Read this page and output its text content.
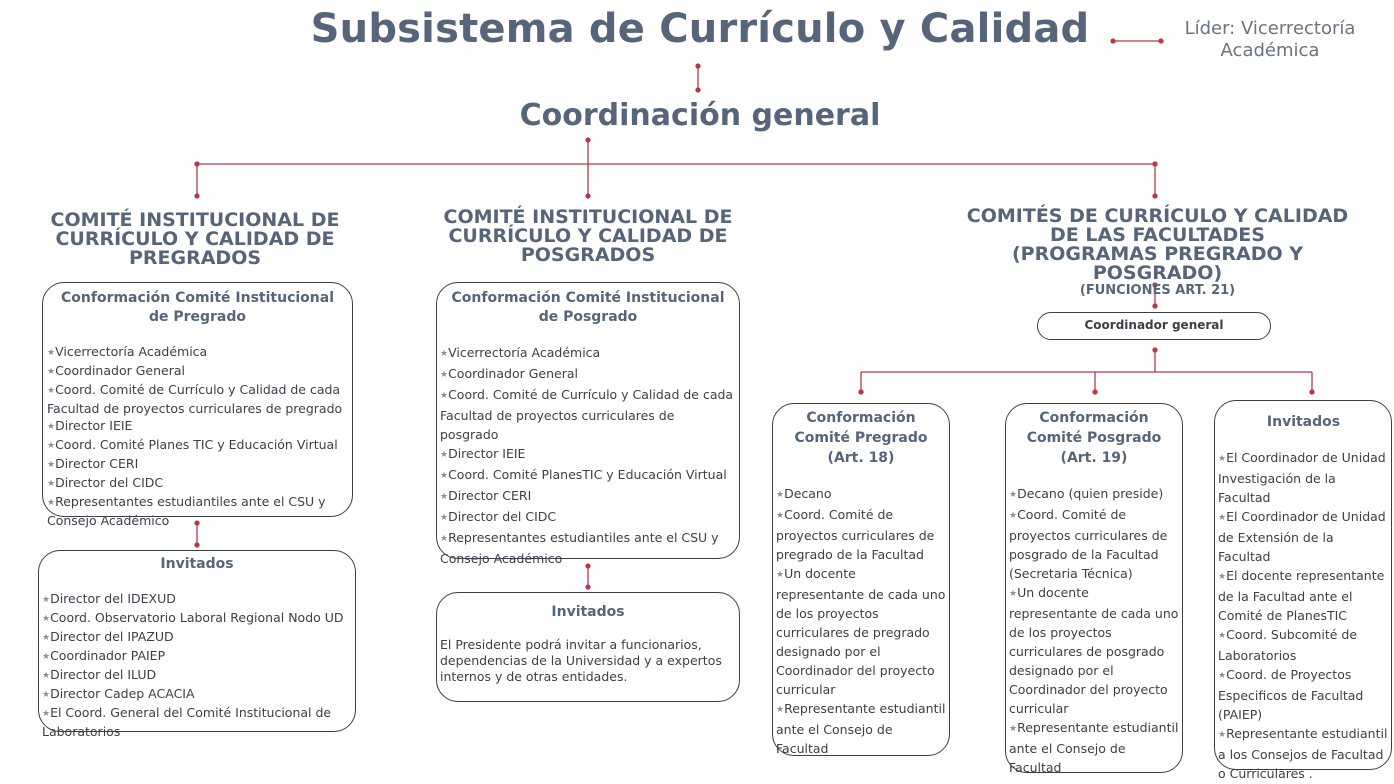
Subsistema de Currículo y Calidad	Líder: Vicerrectoría Académica
Coordinación general
COMITÉ INSTITUCIONAL DE CURRÍCULO Y CALIDAD DE PREGRADOS
COMITÉ INSTITUCIONAL DE CURRÍCULO Y CALIDAD DE POSGRADOS
COMITÉS DE CURRÍCULO Y CALIDAD DE LAS FACULTADES
(PROGRAMAS PREGRADO Y POSGRADO)
(FUNCIONES ART. 21)
Conformación Comité Institucional de Pregrado
★ Vicerrectoría Académica
★ Coordinador General
★ Coord. Comité de Currículo y Calidad de cada Facultad de proyectos curriculares de pregrado
★ Director IEIE
★ Coord. Comité Planes TIC y Educación Virtual
★ Director CERI
★ Director del CIDC
★ Representantes estudiantiles ante el CSU y Consejo Académico
Invitados
★ Director del IDEXUD
★ Coord. Observatorio Laboral Regional Nodo UD
★ Director del IPAZUD
★ Coordinador PAIEP
★ Director del ILUD
★ Director Cadep ACACIA
★ El Coord. General del Comité Institucional de Laboratorios
Conformación Comité Institucional de Posgrado
★ Vicerrectoría Académica
★ Coordinador General
★ Coord. Comité de Currículo y Calidad de cada Facultad de proyectos curriculares de posgrado
★ Director IEIE
★ Coord. Comité PlanesTIC y Educación Virtual
★ Director CERI
★ Director del CIDC
★ Representantes estudiantiles ante el CSU y Consejo Académico
Invitados
El Presidente podrá invitar a funcionarios, dependencias de la Universidad y a expertos internos y de otras entidades.
Coordinador general
Conformación Comité Pregrado (Art. 18)
★ Decano
★ Coord. Comité de proyectos curriculares de pregrado de la Facultad
★ Un docente representante de cada uno de los proyectos curriculares de pregrado designado por el Coordinador del proyecto curricular
★ Representante estudiantil ante el Consejo de Facultad
Conformación Comité Posgrado (Art. 19)
★ Decano (quien preside)
★ Coord. Comité de proyectos curriculares de posgrado de la Facultad (Secretaria Técnica)
★ Un docente representante de cada uno de los proyectos curriculares de posgrado designado por el Coordinador del proyecto curricular
★ Representante estudiantil ante el Consejo de Facultad
Invitados
★ El Coordinador de Unidad Investigación de la Facultad
★ El Coordinador de Unidad de Extensión de la Facultad
★ El docente representante de la Facultad ante el Comité de PlanesTIC
★ Coord. Subcomité de Laboratorios
★ Coord. de Proyectos Especificos de Facultad (PAIEP)
★ Representante estudiantil a los Consejos de Facultad o Curriculares .
